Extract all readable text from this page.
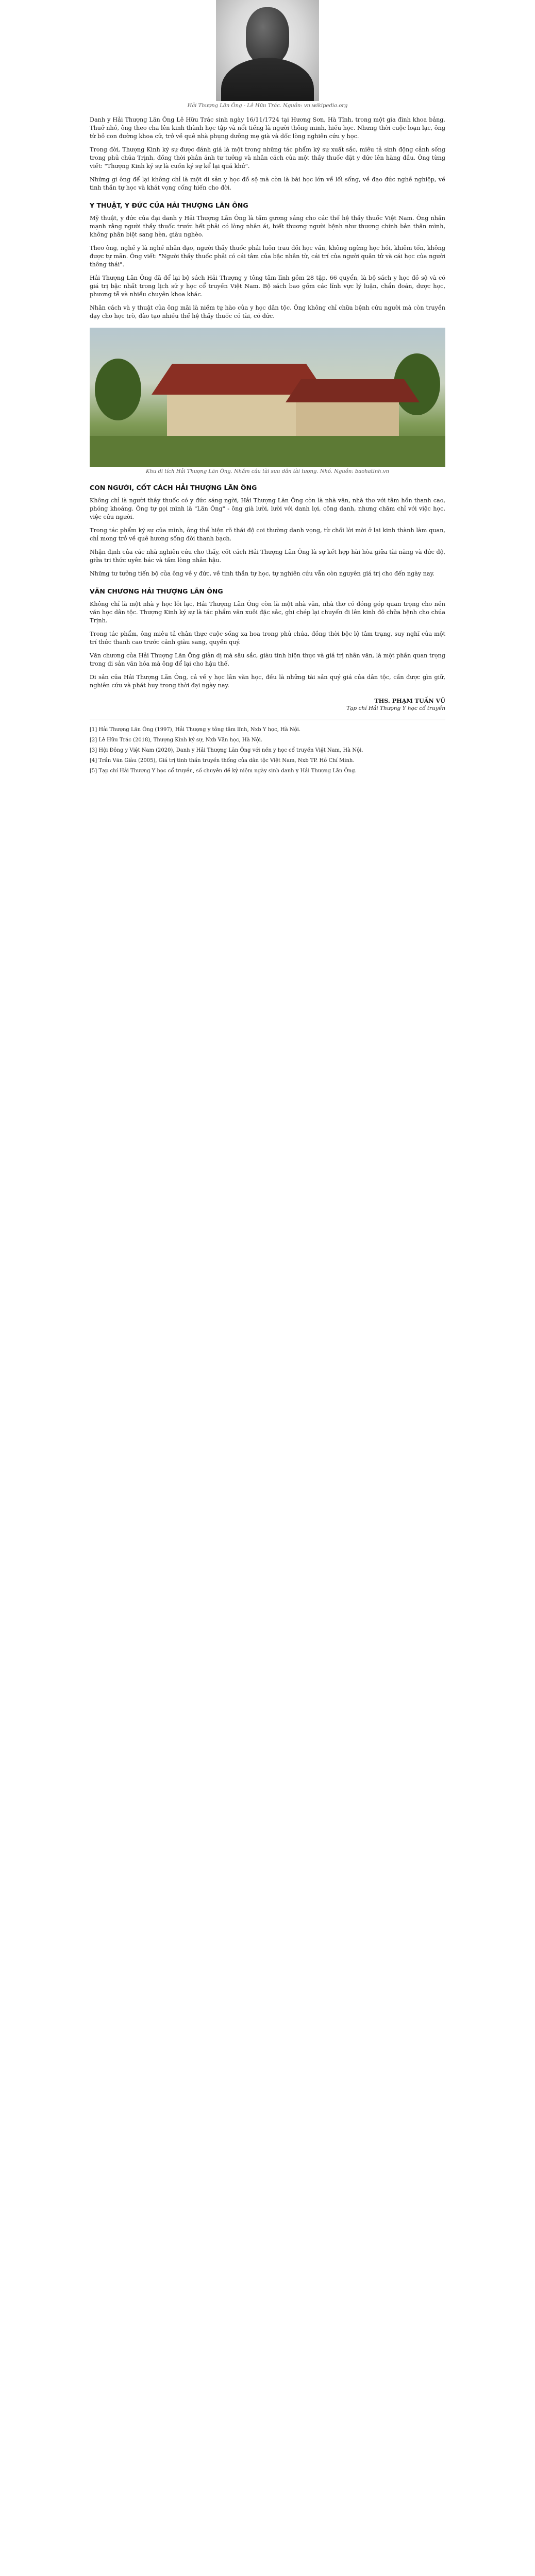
Hải Thượng Lãn Ông - Lê Hữu Trác. Nguồn: vn.wikipedia.org

Danh y Hải Thượng Lãn Ông Lê Hữu Trác sinh ngày 16/11/1724 tại Hương Sơn, Hà Tĩnh, trong một gia đình khoa bảng. Thuở nhỏ, ông theo cha lên kinh thành học tập và nổi tiếng là người thông minh, hiếu học. Nhưng thời cuộc loạn lạc, ông từ bỏ con đường khoa cử, trở về quê nhà phụng dưỡng mẹ già và dốc lòng nghiên cứu y học.

Trong đời, Thượng Kinh ký sự được đánh giá là một trong những tác phẩm ký sự xuất sắc, miêu tả sinh động cảnh sống trong phủ chúa Trịnh, đồng thời phản ánh tư tưởng và nhân cách của một thầy thuốc đặt y đức lên hàng đầu. Ông từng viết: "Thượng Kinh ký sự là cuốn ký sự kể lại quá khứ".

Những gì ông để lại không chỉ là một di sản y học đồ sộ mà còn là bài học lớn về lối sống, về đạo đức nghề nghiệp, về tinh thần tự học và khát vọng cống hiến cho đời.

Y THUẬT, Y ĐỨC CỦA HẢI THƯỢNG LÃN ÔNG

Mỹ thuật, y đức của đại danh y Hải Thượng Lãn Ông là tấm gương sáng cho các thế hệ thầy thuốc Việt Nam. Ông nhấn mạnh rằng người thầy thuốc trước hết phải có lòng nhân ái, biết thương người bệnh như thương chính bản thân mình, không phân biệt sang hèn, giàu nghèo.

Theo ông, nghề y là nghề nhân đạo, người thầy thuốc phải luôn trau dồi học vấn, không ngừng học hỏi, khiêm tốn, không được tự mãn. Ông viết: "Người thầy thuốc phải có cái tâm của bậc nhân từ, cái trí của người quân tử và cái học của người thông thái".

Hải Thượng Lãn Ông đã để lại bộ sách Hải Thượng y tông tâm lĩnh gồm 28 tập, 66 quyển, là bộ sách y học đồ sộ và có giá trị bậc nhất trong lịch sử y học cổ truyền Việt Nam. Bộ sách bao gồm các lĩnh vực lý luận, chẩn đoán, dược học, phương tễ và nhiều chuyên khoa khác.

Nhân cách và y thuật của ông mãi là niềm tự hào của y học dân tộc. Ông không chỉ chữa bệnh cứu người mà còn truyền dạy cho học trò, đào tạo nhiều thế hệ thầy thuốc có tài, có đức.

Khu di tích Hải Thượng Lãn Ông. Nhắm cầu tài sưu dân tài tượng. Nhó. Nguồn: baohatinh.vn
CON NGƯỜI, CỐT CÁCH HẢI THƯỢNG LÃN ÔNG

Không chỉ là người thầy thuốc có y đức sáng ngời, Hải Thượng Lãn Ông còn là nhà văn, nhà thơ với tâm hồn thanh cao, phóng khoáng. Ông tự gọi mình là "Lãn Ông" - ông già lười, lười với danh lợi, công danh, nhưng chăm chỉ với việc học, việc cứu người.

Trong tác phẩm ký sự của mình, ông thể hiện rõ thái độ coi thường danh vọng, từ chối lời mời ở lại kinh thành làm quan, chỉ mong trở về quê hương sống đời thanh bạch.

Nhận định của các nhà nghiên cứu cho thấy, cốt cách Hải Thượng Lãn Ông là sự kết hợp hài hòa giữa tài năng và đức độ, giữa tri thức uyên bác và tấm lòng nhân hậu.

Những tư tưởng tiến bộ của ông về y đức, về tinh thần tự học, tự nghiên cứu vẫn còn nguyên giá trị cho đến ngày nay.

VĂN CHƯƠNG HẢI THƯỢNG LÃN ÔNG

Không chỉ là một nhà y học lỗi lạc, Hải Thượng Lãn Ông còn là một nhà văn, nhà thơ có đóng góp quan trọng cho nền văn học dân tộc. Thượng Kinh ký sự là tác phẩm văn xuôi đặc sắc, ghi chép lại chuyến đi lên kinh đô chữa bệnh cho chúa Trịnh.

Trong tác phẩm, ông miêu tả chân thực cuộc sống xa hoa trong phủ chúa, đồng thời bộc lộ tâm trạng, suy nghĩ của một trí thức thanh cao trước cảnh giàu sang, quyền quý.

Văn chương của Hải Thượng Lãn Ông giản dị mà sâu sắc, giàu tính hiện thực và giá trị nhân văn, là một phần quan trọng trong di sản văn hóa mà ông để lại cho hậu thế.

Di sản của Hải Thượng Lãn Ông, cả về y học lẫn văn học, đều là những tài sản quý giá của dân tộc, cần được gìn giữ, nghiên cứu và phát huy trong thời đại ngày nay.

THS. PHẠM TUẤN VŨ
Tạp chí Hải Thượng Y học cổ truyền

[1] Hải Thượng Lãn Ông (1997), Hải Thượng y tông tâm lĩnh, Nxb Y học, Hà Nội.

[2] Lê Hữu Trác (2018), Thượng Kinh ký sự, Nxb Văn học, Hà Nội.

[3] Hội Đông y Việt Nam (2020), Danh y Hải Thượng Lãn Ông với nền y học cổ truyền Việt Nam, Hà Nội.

[4] Trần Văn Giàu (2005), Giá trị tinh thần truyền thống của dân tộc Việt Nam, Nxb TP. Hồ Chí Minh.

[5] Tạp chí Hải Thượng Y học cổ truyền, số chuyên đề kỷ niệm ngày sinh danh y Hải Thượng Lãn Ông.
